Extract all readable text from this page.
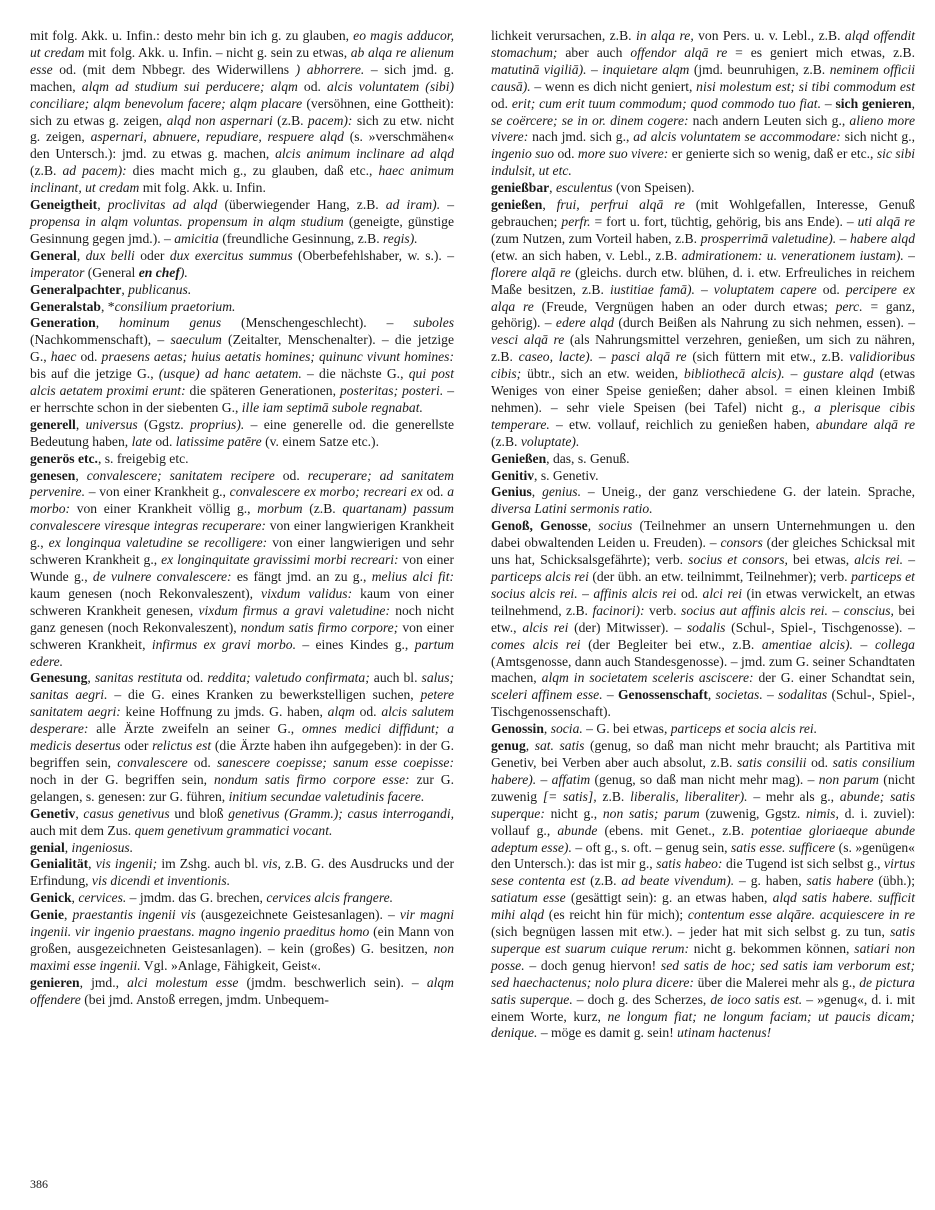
mit folg. Akk. u. Infin.: desto mehr bin ich g. zu glauben, eo magis adducor, ut credam mit folg. Akk. u. Infin. – nicht g. sein zu etwas, ab alqa re alienum esse od. (mit dem Nbbegr. des Widerwillens ) abhorrere. – sich jmd. g. machen, alqm ad studium sui perducere; alqm od. alcis voluntatem (sibi) conciliare; alqm benevolum facere; alqm placare (versöhnen, eine Gottheit): sich zu etwas g. zeigen, alqd non aspernari (z.B. pacem): sich zu etw. nicht g. zeigen, aspernari, abnuere, repudiare, respuere alqd (s. »verschmähen« den Untersch.): jmd. zu etwas g. machen, alcis animum inclinare ad alqd (z.B. ad pacem): dies macht mich g., zu glauben, daß etc., haec animum inclinant, ut credam mit folg. Akk. u. Infin.

Geneigtheit, proclivitas ad alqd (überwiegender Hang, z.B. ad iram). – propensa in alqm voluntas. propensum in alqm studium (geneigte, günstige Gesinnung gegen jmd.). – amicitia (freundliche Gesinnung, z.B. regis).

General, dux belli oder dux exercitus summus (Oberbefehlshaber, w. s.). – imperator (General en chef).

Generalpachter, publicanus.

Generalstab, *consilium praetorium.

Generation, hominum genus (Menschengeschlecht). – suboles (Nachkommenschaft), – saeculum (Zeitalter, Menschenalter). – die jetzige G., haec od. praesens aetas; huius aetatis homines; quinunc vivunt homines: bis auf die jetzige G., (usque) ad hanc aetatem. – die nächste G., qui post alcis aetatem proximi erunt: die späteren Generationen, posteritas; posteri. – er herrschte schon in der siebenten G., ille iam septimā subole regnabat.

generell, universus (Ggstz. proprius). – eine generelle od. die generellste Bedeutung haben, late od. latissime patēre (v. einem Satze etc.).

generös etc., s. freigebig etc.

genesen, convalescere; sanitatem recipere od. recuperare; ad sanitatem pervenire. – von einer Krankheit g., convalescere ex morbo; recreari ex od. a morbo: von einer Krankheit völlig g., morbum (z.B. quartanam) passum convalescere viresque integras recuperare: von einer langwierigen Krankheit g., ex longinqua valetudine se recolligere: von einer langwierigen und sehr schweren Krankheit g., ex longinquitate gravissimi morbi recreari: von einer Wunde g., de vulnere convalescere: es fängt jmd. an zu g., melius alci fit: kaum genesen (noch Rekonvaleszent), vixdum validus: kaum von einer schweren Krankheit genesen, vixdum firmus a gravi valetudine: noch nicht ganz genesen (noch Rekonvaleszent), nondum satis firmo corpore; von einer schweren Krankheit, infirmus ex gravi morbo. – eines Kindes g., partum edere.

Genesung, sanitas restituta od. reddita; valetudo confirmata; auch bl. salus; sanitas aegri. – die G. eines Kranken zu bewerkstelligen suchen, petere sanitatem aegri: keine Hoffnung zu jmds. G. haben, alqm od. alcis salutem desperare: alle Ärzte zweifeln an seiner G., omnes medici diffidunt; a medicis desertus oder relictus est (die Ärzte haben ihn aufgegeben): in der G. begriffen sein, convalescere od. sanescere coepisse; sanum esse coepisse: noch in der G. begriffen sein, nondum satis firmo corpore esse: zur G. gelangen, s. genesen: zur G. führen, initium secundae valetudinis facere.

Genetiv, casus genetivus und bloß genetivus (Gramm.); casus interrogandi, auch mit dem Zus. quem genetivum grammatici vocant.

genial, ingeniosus.

Genialität, vis ingenii; im Zshg. auch bl. vis, z.B. G. des Ausdrucks und der Erfindung, vis dicendi et inventionis.

Genick, cervices. – jmdm. das G. brechen, cervices alcis frangere.

Genie, praestantis ingenii vis (ausgezeichnete Geistesanlagen). – vir magni ingenii. vir ingenio praestans. magno ingenio praeditus homo (ein Mann von großen, ausgezeichneten Geistesanlagen). – kein (großes) G. besitzen, non maximi esse ingenii. Vgl. »Anlage, Fähigkeit, Geist«.

genieren, jmd., alci molestum esse (jmdm. beschwerlich sein). – alqm offendere (bei jmd. Anstoß erregen, jmdm. Unbequem-

lichkeit verursachen, z.B. in alqa re, von Pers. u. v. Lebl., z.B. alqd offendit stomachum; aber auch offendor alqā re = es geniert mich etwas, z.B. matutinā vigiliā). – inquietare alqm (jmd. beunruhigen, z.B. neminem officii causā). – wenn es dich nicht geniert, nisi molestum est; si tibi commodum est od. erit; cum erit tuum commodum; quod commodo tuo fiat. – sich genieren, se coërcere; se in or. dinem cogere: nach andern Leuten sich g., alieno more vivere: nach jmd. sich g., ad alcis voluntatem se accommodare: sich nicht g., ingenio suo od. more suo vivere: er genierte sich so wenig, daß er etc., sic sibi indulsit, ut etc.

genießbar, esculentus (von Speisen).

genießen, frui, perfrui alqā re (mit Wohlgefallen, Interesse, Genuß gebrauchen; perfr. = fort u. fort, tüchtig, gehörig, bis ans Ende). – uti alqā re (zum Nutzen, zum Vorteil haben, z.B. prosperrimā valetudine). – habere alqd (etw. an sich haben, v. Lebl., z.B. admirationem: u. venerationem iustam). – florere alqā re (gleichs. durch etw. blühen, d. i. etw. Erfreuliches in reichem Maße besitzen, z.B. iustitiae famā). – voluptatem capere od. percipere ex alqa re (Freude, Vergnügen haben an oder durch etwas; perc. = ganz, gehörig). – edere alqd (durch Beißen als Nahrung zu sich nehmen, essen). – vesci alqā re (als Nahrungsmittel verzehren, genießen, um sich zu nähren, z.B. caseo, lacte). – pasci alqā re (sich füttern mit etw., z.B. validioribus cibis; übtr., sich an etw. weiden, bibliothecā alcis). – gustare alqd (etwas Weniges von einer Speise genießen; daher absol. = einen kleinen Imbiß nehmen). – sehr viele Speisen (bei Tafel) nicht g., a plerisque cibis temperare. – etw. vollauf, reichlich zu genießen haben, abundare alqā re (z.B. voluptate).

Genießen, das, s. Genuß.

Genitiv, s. Genetiv.

Genius, genius. – Uneig., der ganz verschiedene G. der latein. Sprache, diversa Latini sermonis ratio.

Genoß, Genosse, socius (Teilnehmer an unsern Unternehmungen u. den dabei obwaltenden Leiden u. Freuden). – consors (der gleiches Schicksal mit uns hat, Schicksalsgefährte); verb. socius et consors, bei etwas, alcis rei. – particeps alcis rei (der übh. an etw. teilnimmt, Teilnehmer); verb. particeps et socius alcis rei. – affinis alcis rei od. alci rei (in etwas verwickelt, an etwas teilnehmend, z.B. facinori): verb. socius aut affinis alcis rei. – conscius, bei etw., alcis rei (der) Mitwisser). – sodalis (Schul-, Spiel-, Tischgenosse). – comes alcis rei (der Begleiter bei etw., z.B. amentiae alcis). – collega (Amtsgenosse, dann auch Standesgenosse). – jmd. zum G. seiner Schandtaten machen, alqm in societatem sceleris asciscere: der G. einer Schandtat sein, sceleri affinem esse. – Genossenschaft, societas. – sodalitas (Schul-, Spiel-, Tischgenossenschaft).

Genossin, socia. – G. bei etwas, particeps et socia alcis rei.

genug, sat. satis (genug, so daß man nicht mehr braucht; als Partitiva mit Genetiv, bei Verben aber auch absolut, z.B. satis consilii od. satis consilium habere). – affatim (genug, so daß man nicht mehr mag). – non parum (nicht zuwenig [= satis], z.B. liberalis, liberaliter). – mehr als g., abunde; satis superque: nicht g., non satis; parum (zuwenig, Ggstz. nimis, d. i. zuviel): vollauf g., abunde (ebens. mit Genet., z.B. potentiae gloriaeque abunde adeptum esse). – oft g., s. oft. – genug sein, satis esse. sufficere (s. »genügen« den Untersch.): das ist mir g., satis habeo: die Tugend ist sich selbst g., virtus sese contenta est (z.B. ad beate vivendum). – g. haben, satis habere (übh.); satiatum esse (gesättigt sein): g. an etwas haben, alqd satis habere. sufficit mihi alqd (es reicht hin für mich); contentum esse alqāre. acquiescere in re (sich begnügen lassen mit etw.). – jeder hat mit sich selbst g. zu tun, satis superque est suarum cuique rerum: nicht g. bekommen können, satiari non posse. – doch genug hiervon! sed satis de hoc; sed satis iam verborum est; sed haechactenus; nolo plura dicere: über die Malerei mehr als g., de pictura satis superque. – doch g. des Scherzes, de ioco satis est. – »genug«, d. i. mit einem Worte, kurz, ne longum fiat; ne longum faciam; ut paucis dicam; denique. – möge es damit g. sein! utinam hactenus!

386
